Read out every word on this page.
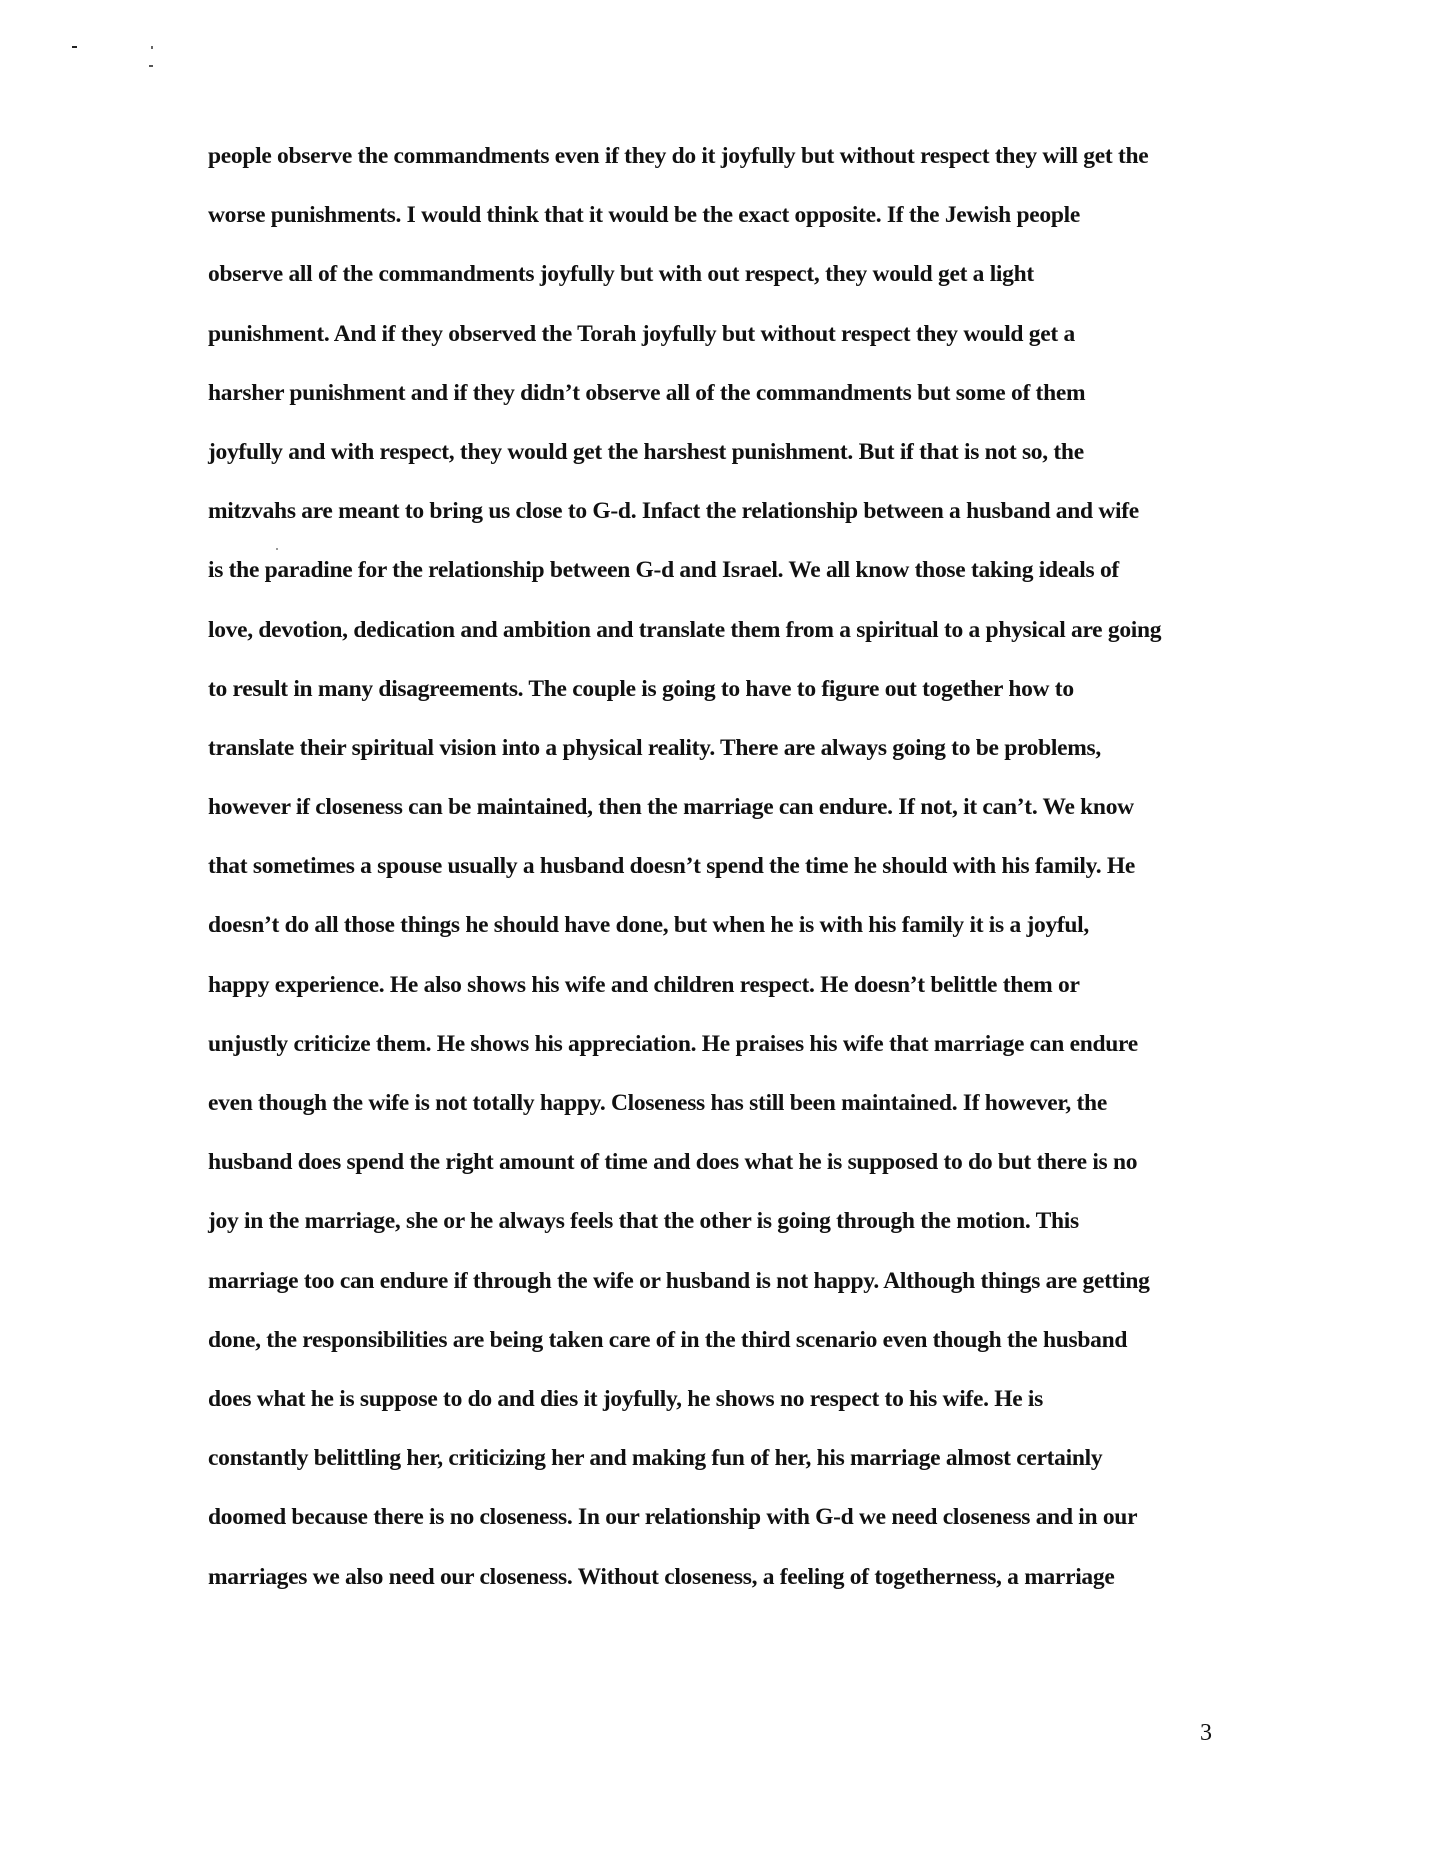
people observe the commandments even if they do it joyfully but without respect they will get the
worse punishments. I would think that it would be the exact opposite. If the Jewish people
observe all of the commandments joyfully but with out respect, they would get a light
punishment. And if they observed the Torah joyfully but without respect they would get a
harsher punishment and if they didn’t observe all of the commandments but some of them
joyfully and with respect, they would get the harshest punishment. But if that is not so, the
mitzvahs are meant to bring us close to G-d. Infact the relationship between a husband and wife
is the paradine for the relationship between G-d and Israel. We all know those taking ideals of
love, devotion, dedication and ambition and translate them from a spiritual to a physical are going
to result in many disagreements. The couple is going to have to figure out together how to
translate their spiritual vision into a physical reality. There are always going to be problems,
however if closeness can be maintained, then the marriage can endure. If not, it can’t. We know
that sometimes a spouse usually a husband doesn’t spend the time he should with his family. He
doesn’t do all those things he should have done, but when he is with his family it is a joyful,
happy experience. He also shows his wife and children respect. He doesn’t belittle them or
unjustly criticize them. He shows his appreciation. He praises his wife that marriage can endure
even though the wife is not totally happy. Closeness has still been maintained. If however, the
husband does spend the right amount of time and does what he is supposed to do but there is no
joy in the marriage, she or he always feels that the other is going through the motion. This
marriage too can endure if through the wife or husband is not happy. Although things are getting
done, the responsibilities are being taken care of in the third scenario even though the husband
does what he is suppose to do and dies it joyfully, he shows no respect to his wife. He is
constantly belittling her, criticizing her and making fun of her, his marriage almost certainly
doomed because there is no closeness. In our relationship with G-d we need closeness and in our
marriages we also need our closeness. Without closeness, a feeling of togetherness, a marriage
3
